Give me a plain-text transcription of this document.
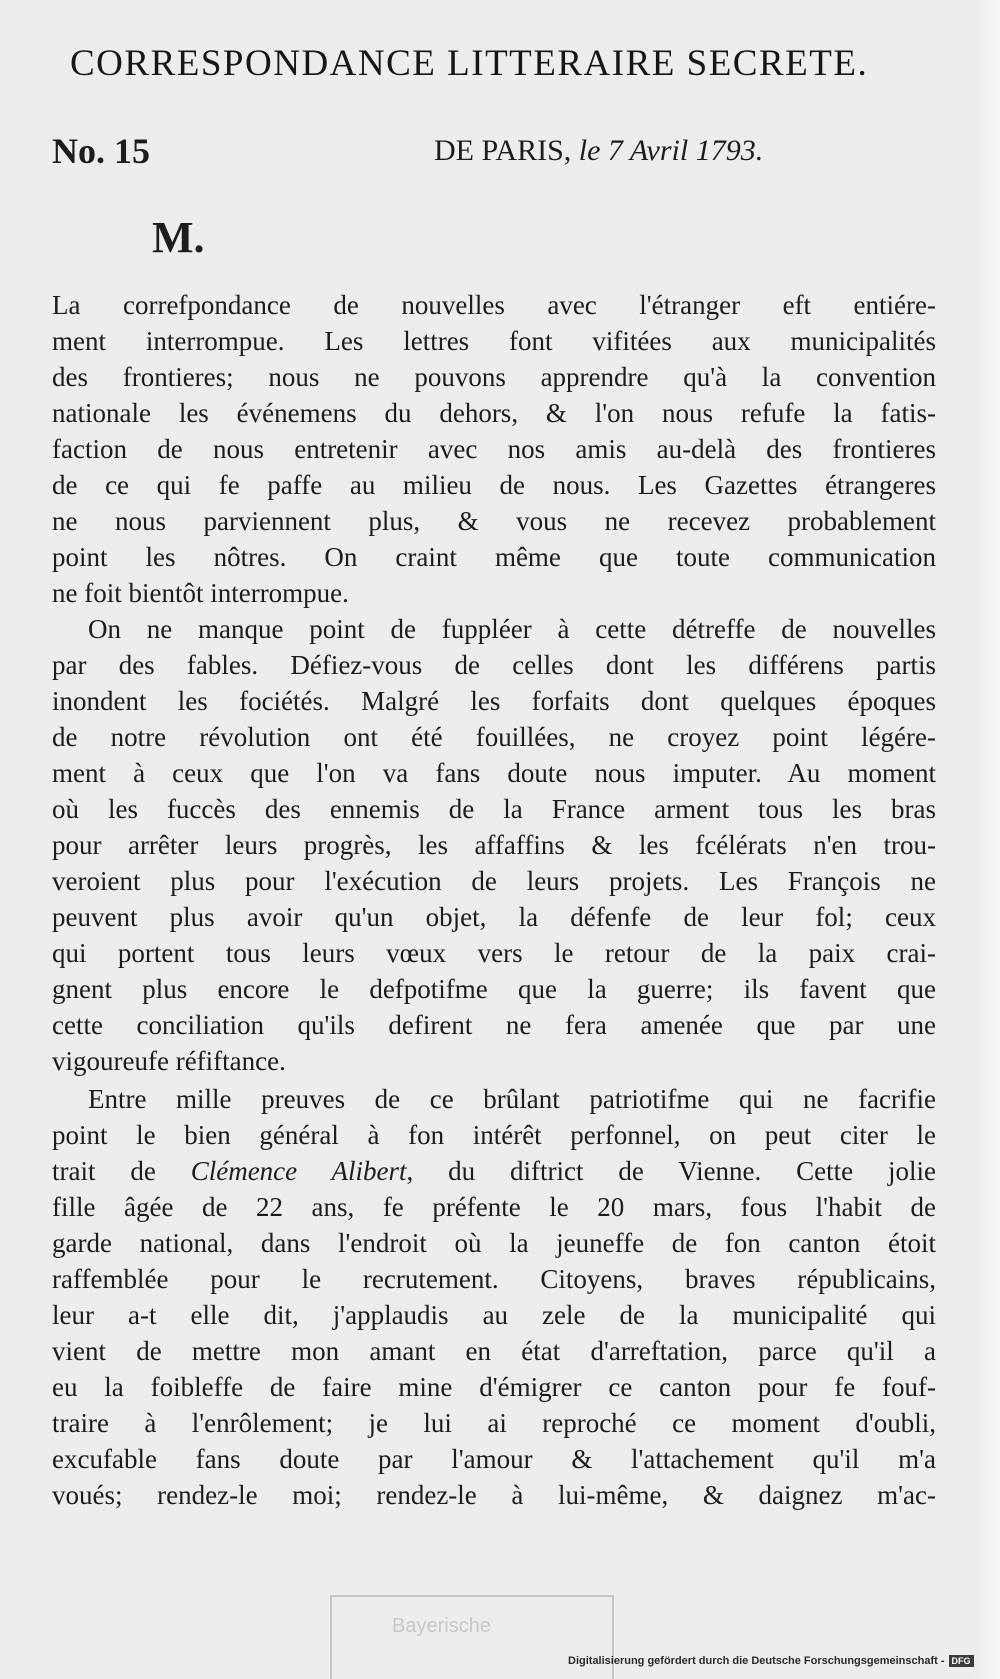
CORRESPONDANCE LITTERAIRE SECRETE.
No. 15	DE PARIS, le 7 Avril 1793.
M.
La correfpondance de nouvelles avec l'étranger eft entiére-
ment interrompue. Les lettres font vifitées aux municipalités
des frontieres; nous ne pouvons apprendre qu'à la convention
nationale les événemens du dehors, & l'on nous refufe la fatis-
faction de nous entretenir avec nos amis au-delà des frontieres
de ce qui fe paffe au milieu de nous. Les Gazettes étrangeres
ne nous parviennent plus, & vous ne recevez probablement
point les nôtres. On craint même que toute communication
ne foit bientôt interrompue.
On ne manque point de fuppléer à cette détreffe de nouvelles
par des fables. Défiez-vous de celles dont les différens partis
inondent les fociétés. Malgré les forfaits dont quelques époques
de notre révolution ont été fouillées, ne croyez point légére-
ment à ceux que l'on va fans doute nous imputer. Au moment
où les fuccès des ennemis de la France arment tous les bras
pour arrêter leurs progrès, les affaffins & les fcélérats n'en trou-
veroient plus pour l'exécution de leurs projets. Les François ne
peuvent plus avoir qu'un objet, la défenfe de leur fol; ceux
qui portent tous leurs vœux vers le retour de la paix crai-
gnent plus encore le defpotifme que la guerre; ils favent que
cette conciliation qu'ils defirent ne fera amenée que par une
vigoureufe réfiftance.
Entre mille preuves de ce brûlant patriotifme qui ne facrifie
point le bien général à fon intérêt perfonnel, on peut citer le
trait de Clémence Alibert, du diftrict de Vienne. Cette jolie
fille âgée de 22 ans, fe préfente le 20 mars, fous l'habit de
garde national, dans l'endroit où la jeuneffe de fon canton étoit
raffemblée pour le recrutement. Citoyens, braves républicains,
leur a-t elle dit, j'applaudis au zele de la municipalité qui
vient de mettre mon amant en état d'arreftation, parce qu'il a
eu la foibleffe de faire mine d'émigrer ce canton pour fe fouf-
traire à l'enrôlement; je lui ai reproché ce moment d'oubli,
excufable fans doute par l'amour & l'attachement qu'il m'a
voués; rendez-le moi; rendez-le à lui-même, & daignez m'ac-
Bayerische
Digitalisierung gefördert durch die Deutsche Forschungsgemeinschaft - DFG
